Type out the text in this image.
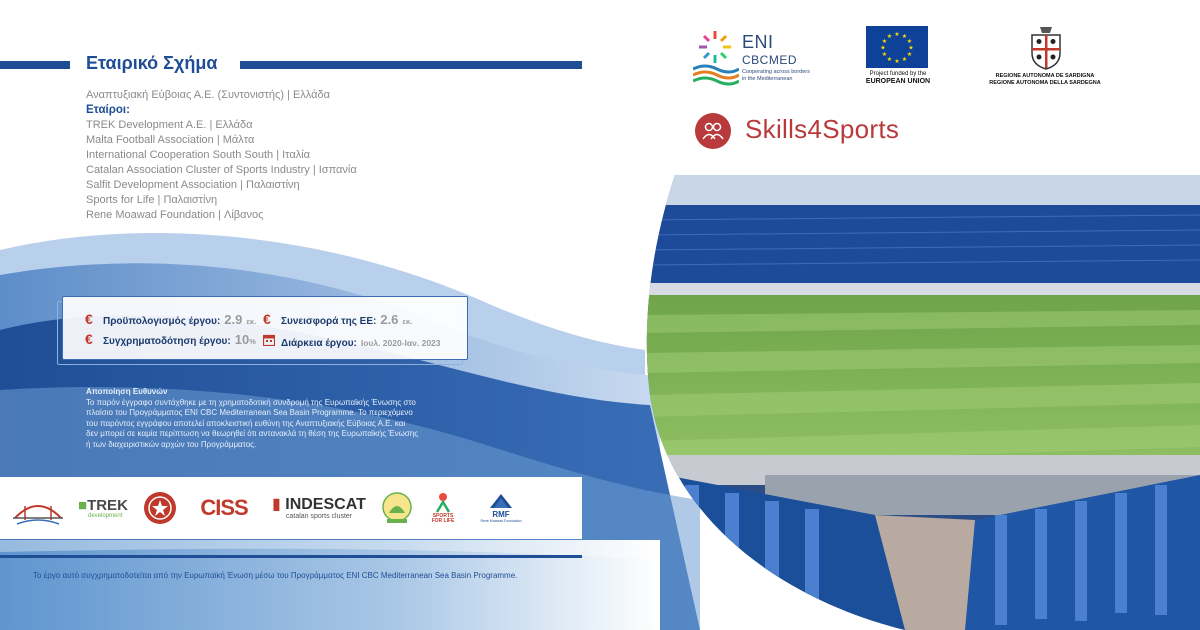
Εταιρικό Σχήμα
Αναπτυξιακή Εύβοιας Α.Ε. (Συντονιστής) | Ελλάδα
Εταίροι:
TREK Development A.E. | Ελλάδα
Malta Football Association | Μάλτα
International Cooperation South South | Ιταλία
Catalan Association Cluster of Sports Industry | Ισπανία
Salfit Development Association | Παλαιστίνη
Sports for Life | Παλαιστίνη
Rene Moawad Foundation | Λίβανος
€	Προϋπολογισμός έργου: 2.9 εκ. €	Συνεισφορά της ΕΕ: 2.6 εκ.
€	Συγχρηματοδότηση έργου: 10%	Διάρκεια έργου: Ιουλ. 2020-Ιαν. 2023
Αποποίηση Ευθυνών
Το παρόν έγγραφο συντάχθηκε με τη χρηματοδοτική συνδρομή της Ευρωπαϊκής Ένωσης στο
πλαίσιο του Προγράμματος ENI CBC Mediterranean Sea Basin Programme. Το περιεχόμενο
του παρόντος εγγράφου αποτελεί αποκλειστική ευθύνη της Αναπτυξιακής Εύβοιας Α.Ε. και
δεν μπορεί σε καμία περίπτωση να θεωρηθεί ότι αντανακλά τη θέση της Ευρωπαϊκής Ένωσης
ή των διαχειριστικών αρχών του Προγράμματος.
■TREK
development	CISS ▮ INDESCAT
catalan sports cluster	SPORTS FOR LIFE
RMF
René Moawad Foundation
Το έργο αυτό συγχρηματοδοτείται από την Ευρωπαϊκή Ένωση μέσω του Προγράμματος ENI CBC Mediterranean Sea Basin Programme.
ENI
CBCMED
Cooperating across borders
in the Mediterranean
★ ★
★
★
★
★
★
★
★
★
★
★
Project funded by the
EUROPEAN UNION
REGIONE AUTONOMA DE SARDIGNA
REGIONE AUTONOMA DELLA SARDEGNA
Skills4Sports
